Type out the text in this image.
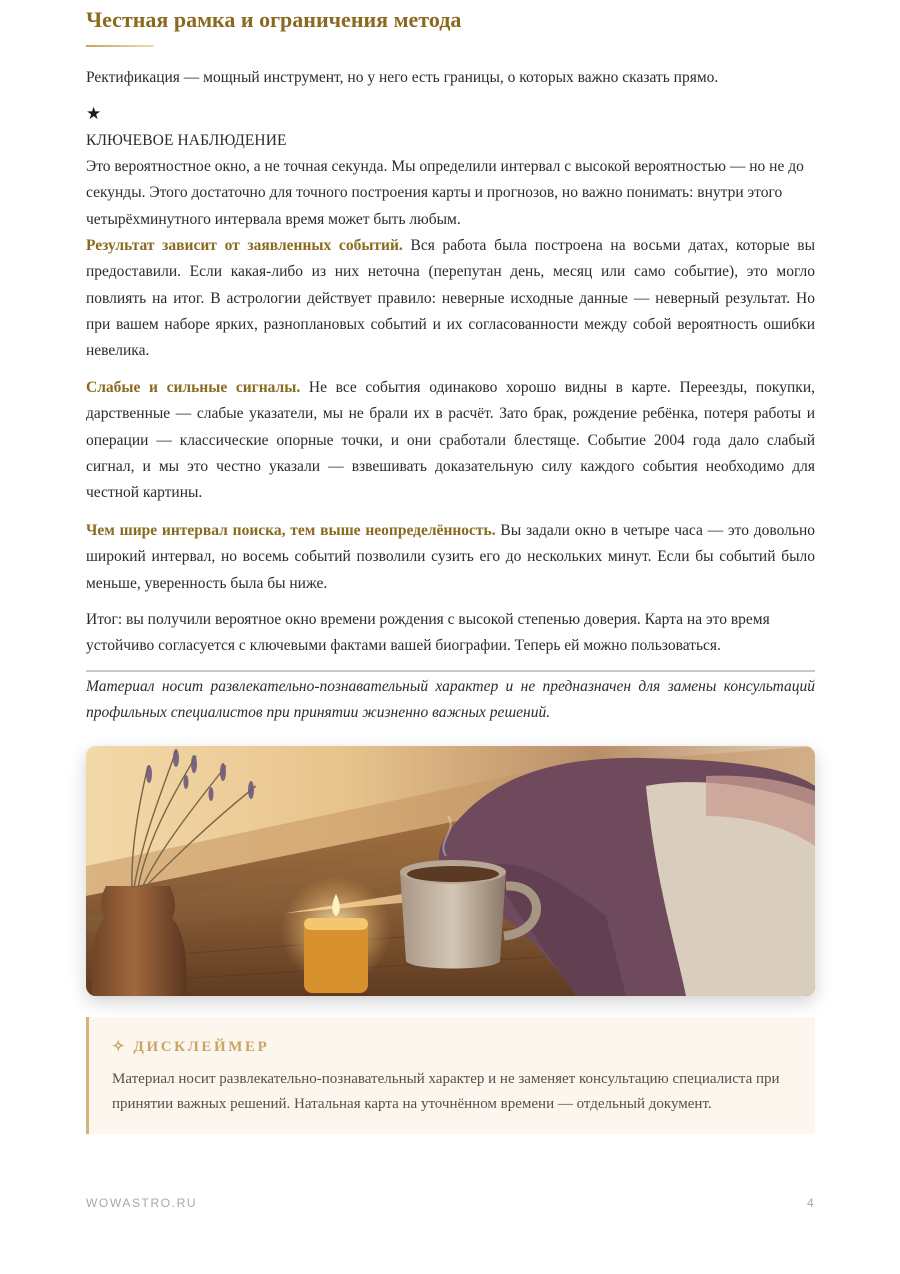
Честная рамка и ограничения метода

Ректификация — мощный инструмент, но у него есть границы, о которых важно сказать прямо.

★
КЛЮЧЕВОЕ НАБЛЮДЕНИЕ

Это вероятностное окно, а не точная секунда. Мы определили интервал с высокой вероятностью — но не до секунды. Этого достаточно для точного построения карты и прогнозов, но важно понимать: внутри этого четырёхминутного интервала время может быть любым.

Результат зависит от заявленных событий. Вся работа была построена на восьми датах, которые вы предоставили. Если какая-либо из них неточна (перепутан день, месяц или само событие), это могло повлиять на итог. В астрологии действует правило: неверные исходные данные — неверный результат. Но при вашем наборе ярких, разноплановых событий и их согласованности между собой вероятность ошибки невелика.

Слабые и сильные сигналы. Не все события одинаково хорошо видны в карте. Переезды, покупки, дарственные — слабые указатели, мы не брали их в расчёт. Зато брак, рождение ребёнка, потеря работы и операции — классические опорные точки, и они сработали блестяще. Событие 2004 года дало слабый сигнал, и мы это честно указали — взвешивать доказательную силу каждого события необходимо для честной картины.

Чем шире интервал поиска, тем выше неопределённость. Вы задали окно в четыре часа — это довольно широкий интервал, но восемь событий позволили сузить его до нескольких минут. Если бы событий было меньше, уверенность была бы ниже.

Итог: вы получили вероятное окно времени рождения с высокой степенью доверия. Карта на это время устойчиво согласуется с ключевыми фактами вашей биографии. Теперь ей можно пользоваться.

Материал носит развлекательно-познавательный характер и не предназначен для замены консультаций профильных специалистов при принятии жизненно важных решений.

✧ ДИСКЛЕЙМЕР

Материал носит развлекательно-познавательный характер и не заменяет консультацию специалиста при принятии важных решений. Натальная карта на уточнённом времени — отдельный документ.

WOWASTRO.RU	4
